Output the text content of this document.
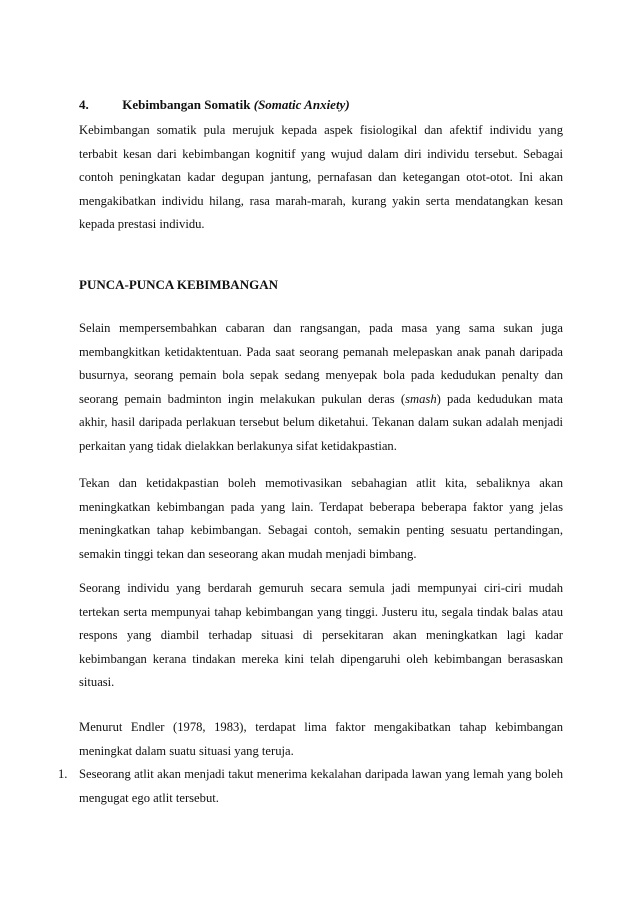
4.	Kebimbangan Somatik (Somatic Anxiety)
Kebimbangan somatik pula merujuk kepada aspek fisiologikal dan afektif individu yang terbabit kesan dari kebimbangan kognitif yang wujud dalam diri individu tersebut. Sebagai contoh peningkatan kadar degupan jantung, pernafasan dan ketegangan otot-otot. Ini akan mengakibatkan individu hilang, rasa marah-marah, kurang yakin serta mendatangkan kesan kepada prestasi individu.
PUNCA-PUNCA KEBIMBANGAN
Selain mempersembahkan cabaran dan rangsangan, pada masa yang sama sukan juga membangkitkan ketidaktentuan. Pada saat seorang pemanah melepaskan anak panah daripada busurnya, seorang pemain bola sepak sedang menyepak bola pada kedudukan penalty dan seorang pemain badminton ingin melakukan pukulan deras (smash) pada kedudukan mata akhir, hasil daripada perlakuan tersebut belum diketahui. Tekanan dalam sukan adalah menjadi perkaitan yang tidak dielakkan berlakunya sifat ketidakpastian.
Tekan dan ketidakpastian boleh memotivasikan sebahagian atlit kita, sebaliknya akan meningkatkan kebimbangan pada yang lain. Terdapat beberapa beberapa faktor yang jelas meningkatkan tahap kebimbangan. Sebagai contoh, semakin penting sesuatu pertandingan, semakin tinggi tekan dan seseorang akan mudah menjadi bimbang.
Seorang individu yang berdarah gemuruh secara semula jadi mempunyai ciri-ciri mudah tertekan serta mempunyai tahap kebimbangan yang tinggi. Justeru itu, segala tindak balas atau respons yang diambil terhadap situasi di persekitaran akan meningkatkan lagi kadar kebimbangan kerana tindakan mereka kini telah dipengaruhi oleh kebimbangan berasaskan situasi.
Menurut Endler (1978, 1983), terdapat lima faktor mengakibatkan tahap kebimbangan meningkat dalam suatu situasi yang teruja.
1. Seseorang atlit akan menjadi takut menerima kekalahan daripada lawan yang lemah yang boleh mengugat ego atlit tersebut.
